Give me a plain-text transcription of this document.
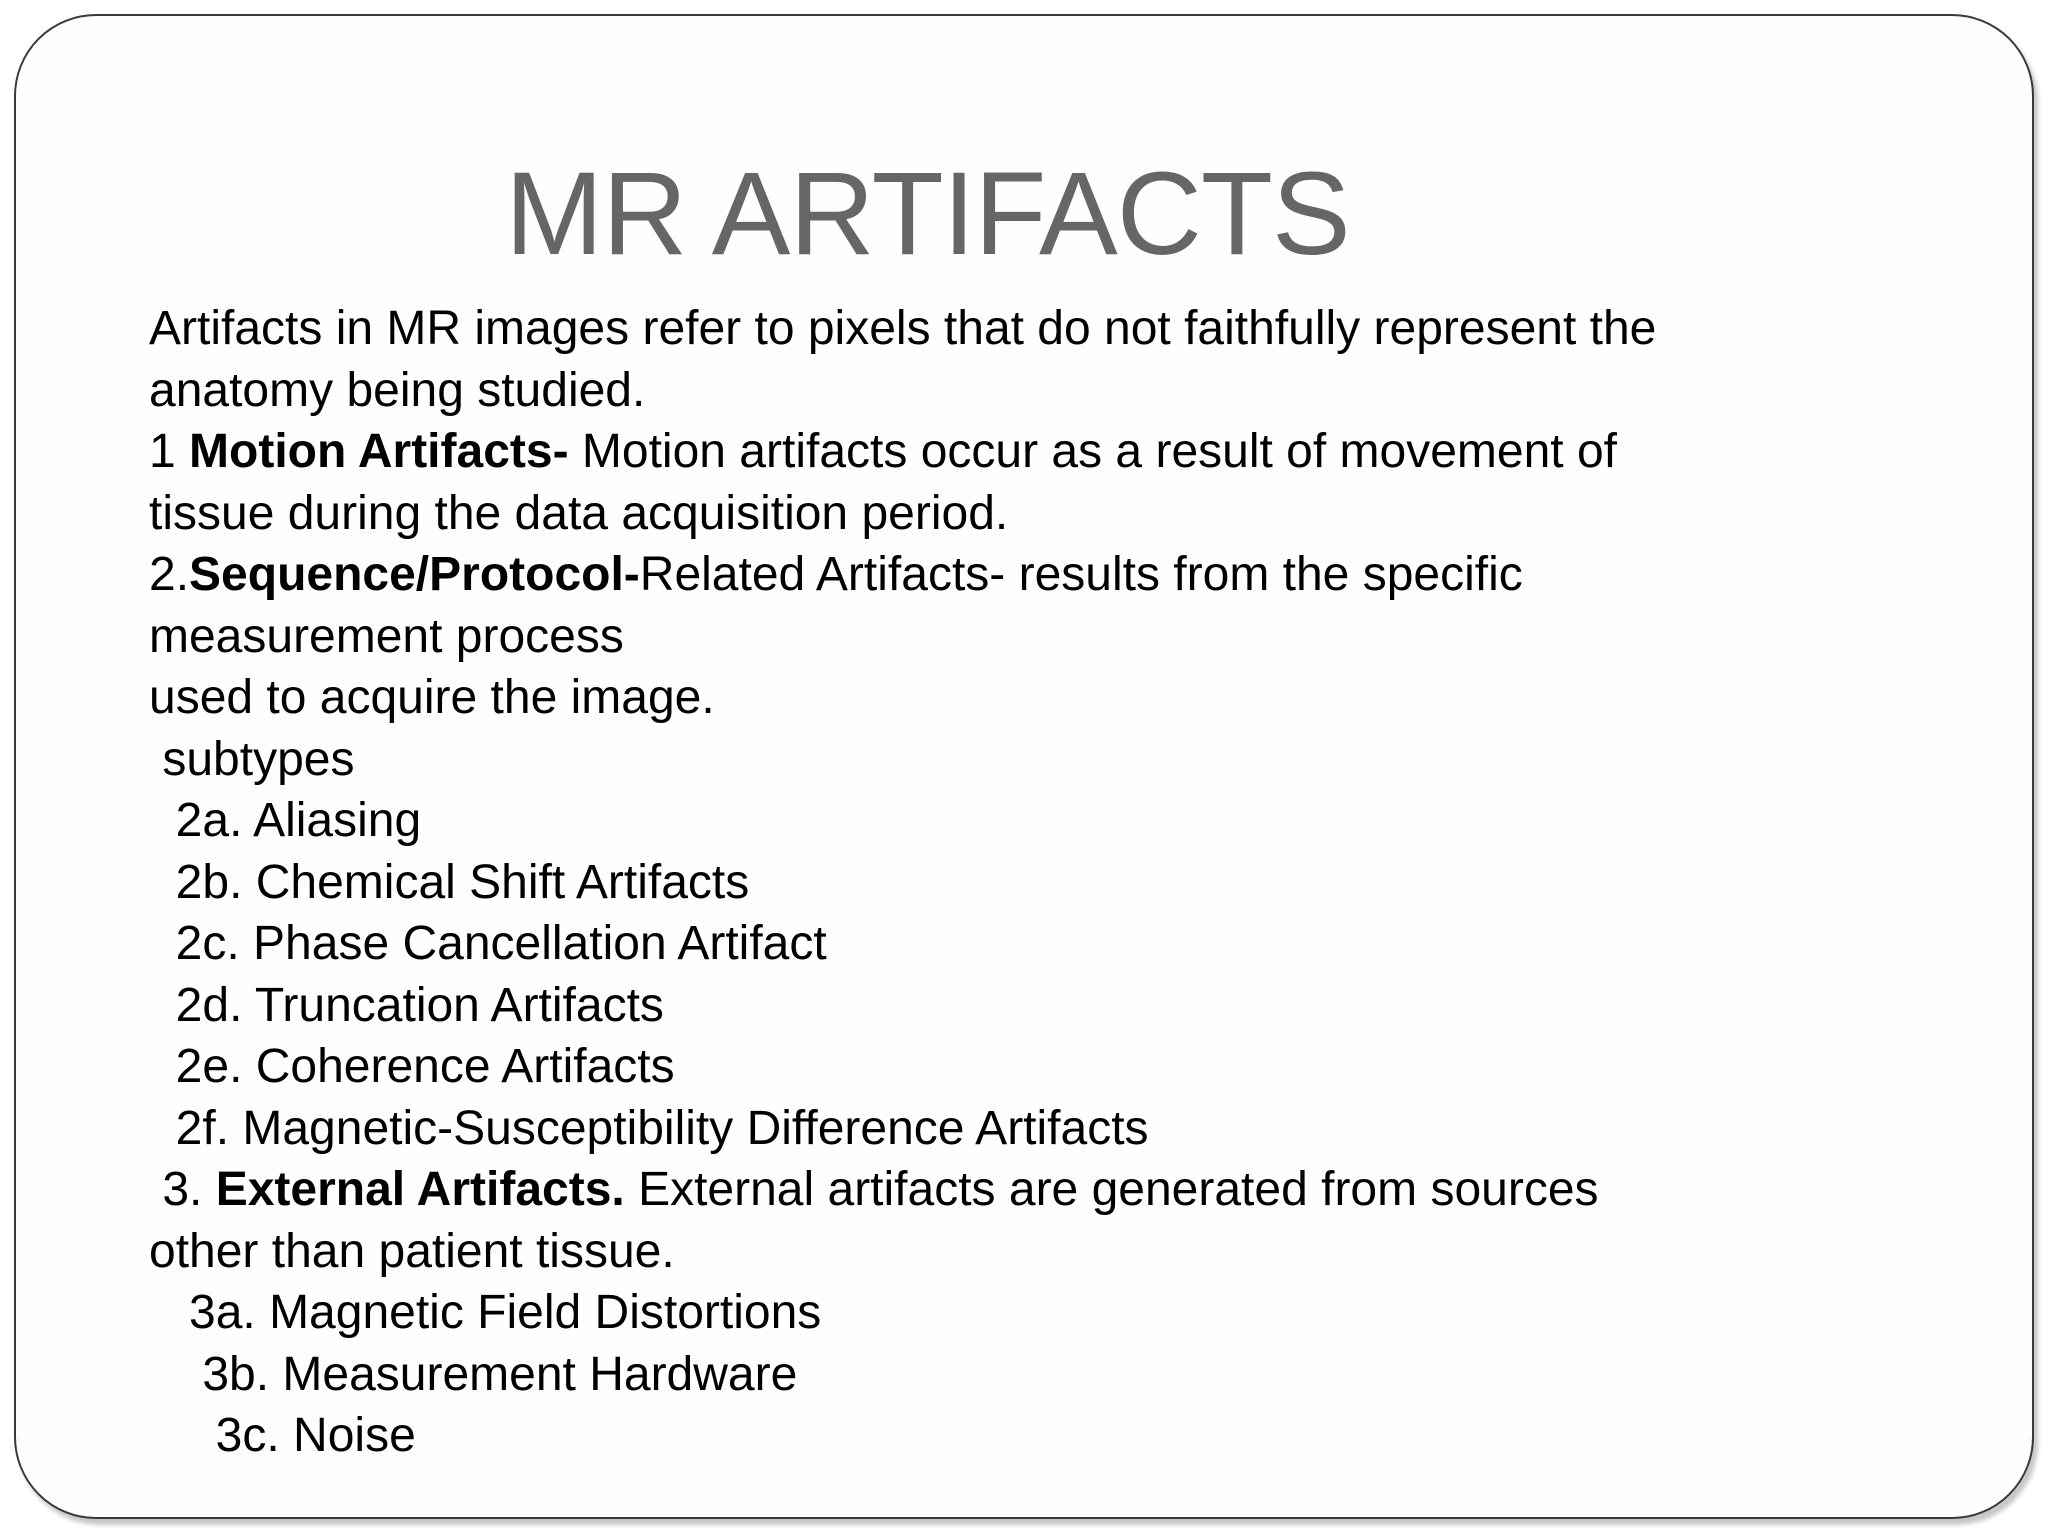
MR ARTIFACTS
Artifacts in MR images refer to pixels that do not faithfully represent the
anatomy being studied.
1 Motion Artifacts- Motion artifacts occur as a result of movement of
tissue during the data acquisition period.
2.Sequence/Protocol-Related Artifacts- results from the specific
measurement process
used to acquire the image.
subtypes
2a. Aliasing
2b. Chemical Shift Artifacts
2c. Phase Cancellation Artifact
2d. Truncation Artifacts
2e. Coherence Artifacts
2f. Magnetic-Susceptibility Difference Artifacts
3. External Artifacts. External artifacts are generated from sources
other than patient tissue.
3a. Magnetic Field Distortions
3b. Measurement Hardware
3c. Noise
